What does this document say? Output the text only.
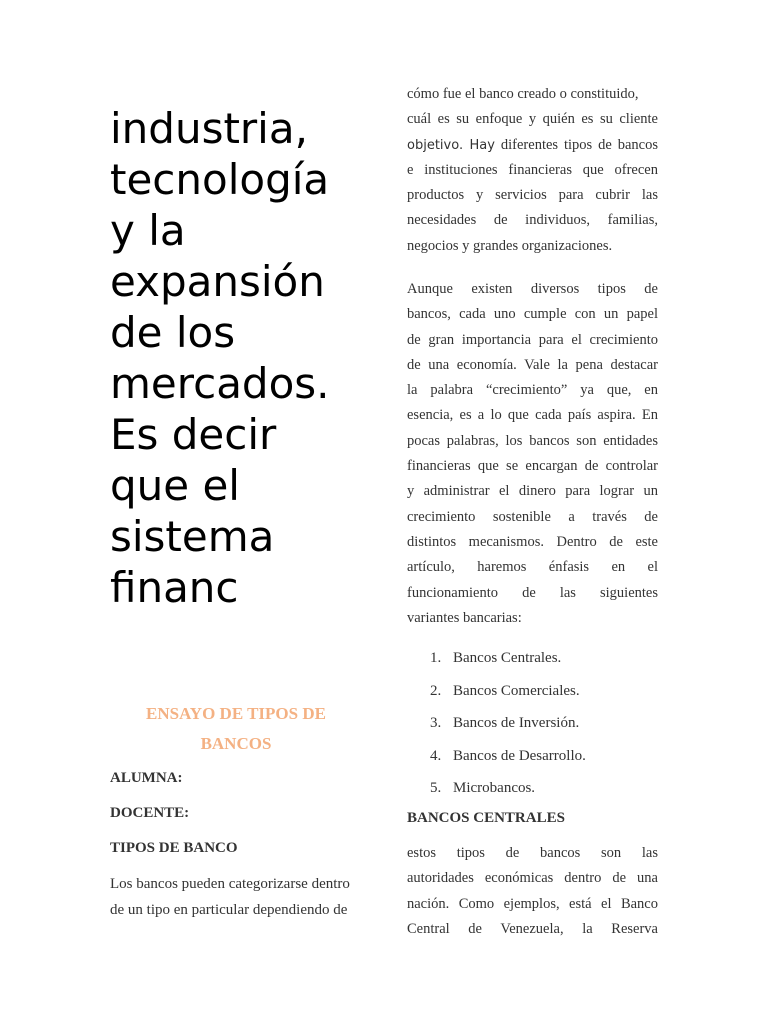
industria,
tecnología
y la
expansión
de los
mercados.
Es decir
que el
sistema
financ
ENSAYO DE TIPOS DE
BANCOS

ALUMNA:

DOCENTE:

TIPOS DE BANCO

Los bancos pueden categorizarse dentro
de un tipo en particular dependiendo de

cómo fue el banco creado o constituido,
cuál es su enfoque y quién es su cliente
objetivo. Hay diferentes tipos de bancos
e instituciones financieras que ofrecen
productos y servicios para cubrir las
necesidades de individuos, familias,
negocios y grandes organizaciones.

Aunque existen diversos tipos de
bancos, cada uno cumple con un papel
de gran importancia para el crecimiento
de una economía. Vale la pena destacar
la palabra “crecimiento” ya que, en
esencia, es a lo que cada país aspira. En
pocas palabras, los bancos son entidades
financieras que se encargan de controlar
y administrar el dinero para lograr un
crecimiento sostenible a través de
distintos mecanismos. Dentro de este
artículo, haremos énfasis en el
funcionamiento de las siguientes
variantes bancarias:

1. Bancos Centrales.
2. Bancos Comerciales.
3. Bancos de Inversión.
4. Bancos de Desarrollo.
5. Microbancos.

BANCOS CENTRALES

estos tipos de bancos son las
autoridades económicas dentro de una
nación. Como ejemplos, está el Banco
Central de Venezuela, la Reserva
